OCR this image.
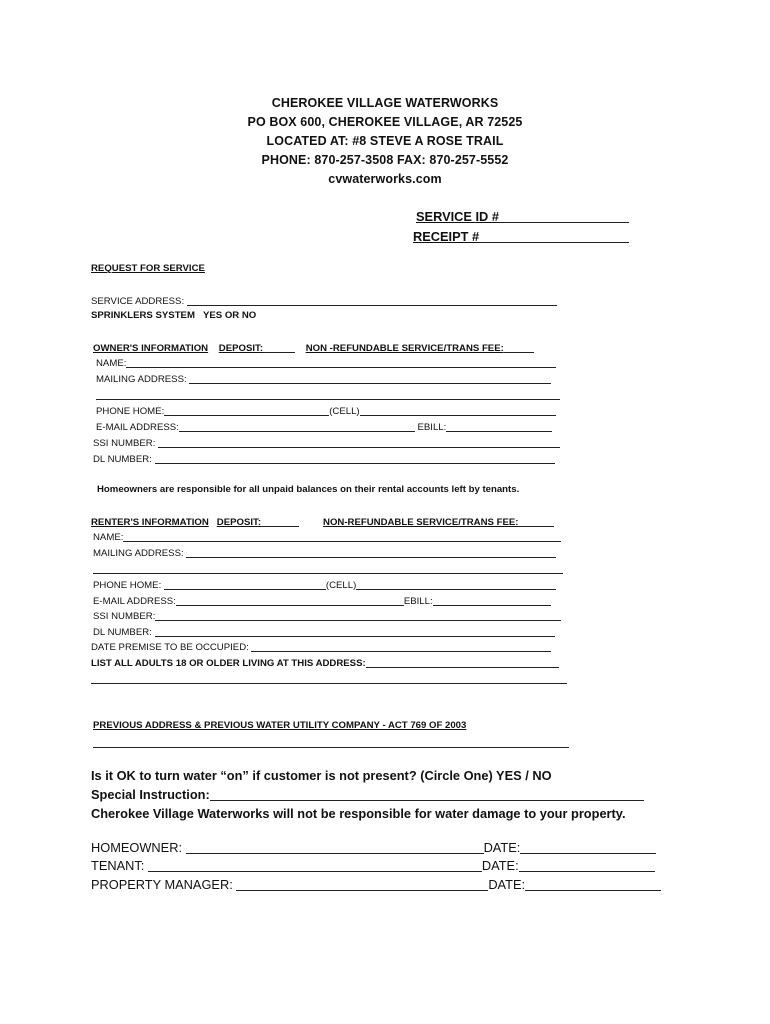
CHEROKEE VILLAGE WATERWORKS
PO BOX 600, CHEROKEE VILLAGE, AR 72525
LOCATED AT: #8 STEVE A ROSE TRAIL
PHONE: 870-257-3508 FAX: 870-257-5552
cvwaterworks.com
SERVICE ID #
RECEIPT #
REQUEST FOR SERVICE
SERVICE ADDRESS:
SPRINKLERS SYSTEM YES OR NO
OWNER'S INFORMATION DEPOSIT:	NON -REFUNDABLE SERVICE/TRANS FEE:
NAME:
MAILING ADDRESS:
PHONE HOME:	(CELL)
E-MAIL ADDRESS:	EBILL:
SSI NUMBER:
DL NUMBER:
Homeowners are responsible for all unpaid balances on their rental accounts left by tenants.
RENTER'S INFORMATION DEPOSIT:	NON-REFUNDABLE SERVICE/TRANS FEE:
NAME:
MAILING ADDRESS:
PHONE HOME:	(CELL)
E-MAIL ADDRESS:	EBILL:
SSI NUMBER:
DL NUMBER:
DATE PREMISE TO BE OCCUPIED:
LIST ALL ADULTS 18 OR OLDER LIVING AT THIS ADDRESS:
PREVIOUS ADDRESS & PREVIOUS WATER UTILITY COMPANY - ACT 769 OF 2003
Is it OK to turn water “on” if customer is not present? (Circle One) YES / NO
Special Instruction:
Cherokee Village Waterworks will not be responsible for water damage to your property.
HOMEOWNER:	DATE:
TENANT:	DATE:
PROPERTY MANAGER:	DATE:
